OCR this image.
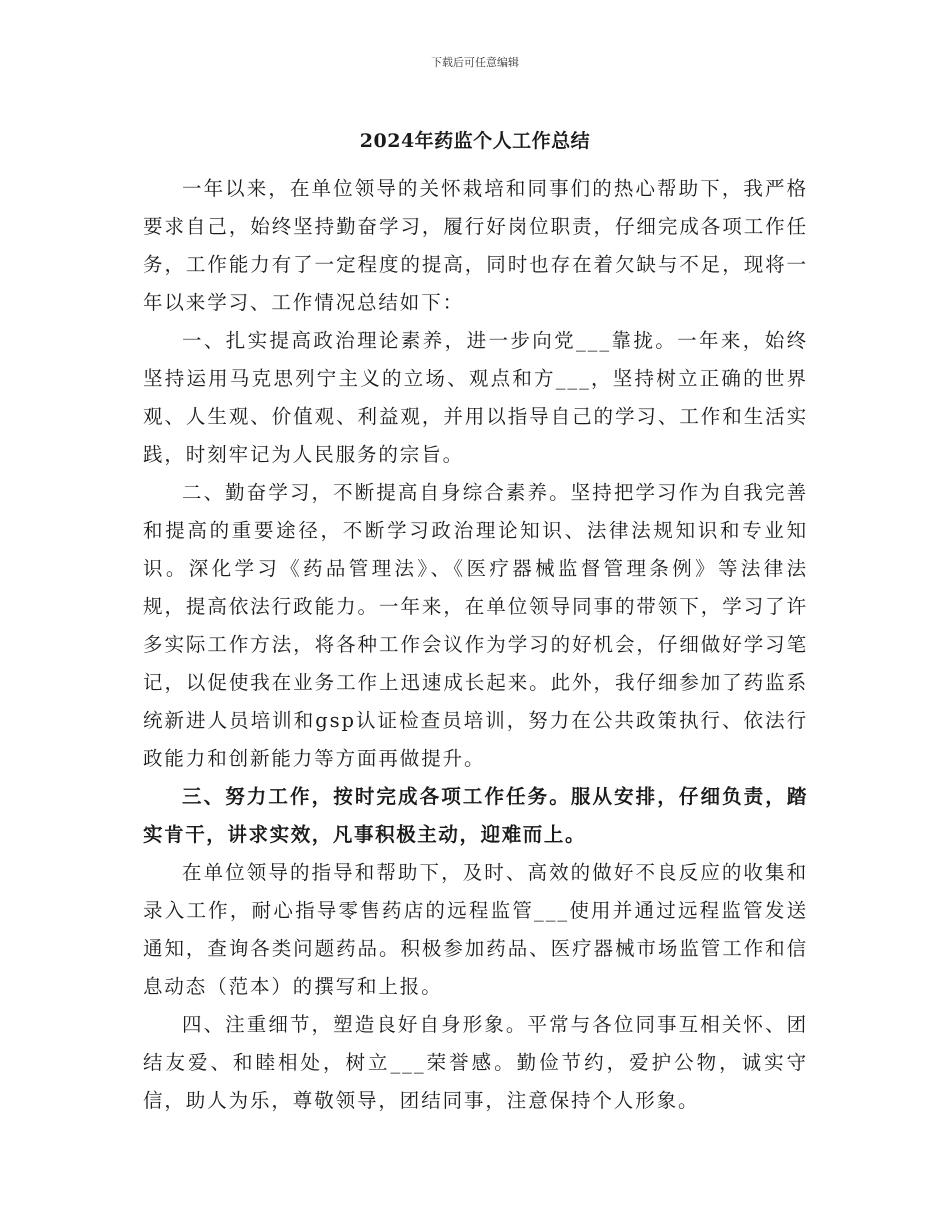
下载后可任意编辑
2024年药监个人工作总结

一年以来，在单位领导的关怀栽培和同事们的热心帮助下，我严格要求自己，始终坚持勤奋学习，履行好岗位职责，仔细完成各项工作任务，工作能力有了一定程度的提高，同时也存在着欠缺与不足，现将一年以来学习、工作情况总结如下：

一、扎实提高政治理论素养，进一步向党___靠拢。一年来，始终坚持运用马克思列宁主义的立场、观点和方___，坚持树立正确的世界观、人生观、价值观、利益观，并用以指导自己的学习、工作和生活实践，时刻牢记为人民服务的宗旨。

二、勤奋学习，不断提高自身综合素养。坚持把学习作为自我完善和提高的重要途径，不断学习政治理论知识、法律法规知识和专业知识。深化学习《药品管理法》、《医疗器械监督管理条例》等法律法规，提高依法行政能力。一年来，在单位领导同事的带领下，学习了许多实际工作方法，将各种工作会议作为学习的好机会，仔细做好学习笔记，以促使我在业务工作上迅速成长起来。此外，我仔细参加了药监系统新进人员培训和gsp认证检查员培训，努力在公共政策执行、依法行政能力和创新能力等方面再做提升。

三、努力工作，按时完成各项工作任务。服从安排，仔细负责，踏实肯干，讲求实效，凡事积极主动，迎难而上。

在单位领导的指导和帮助下，及时、高效的做好不良反应的收集和录入工作，耐心指导零售药店的远程监管___使用并通过远程监管发送通知，查询各类问题药品。积极参加药品、医疗器械市场监管工作和信息动态（范本）的撰写和上报。

四、注重细节，塑造良好自身形象。平常与各位同事互相关怀、团结友爱、和睦相处，树立___荣誉感。勤俭节约，爱护公物，诚实守信，助人为乐，尊敬领导，团结同事，注意保持个人形象。
